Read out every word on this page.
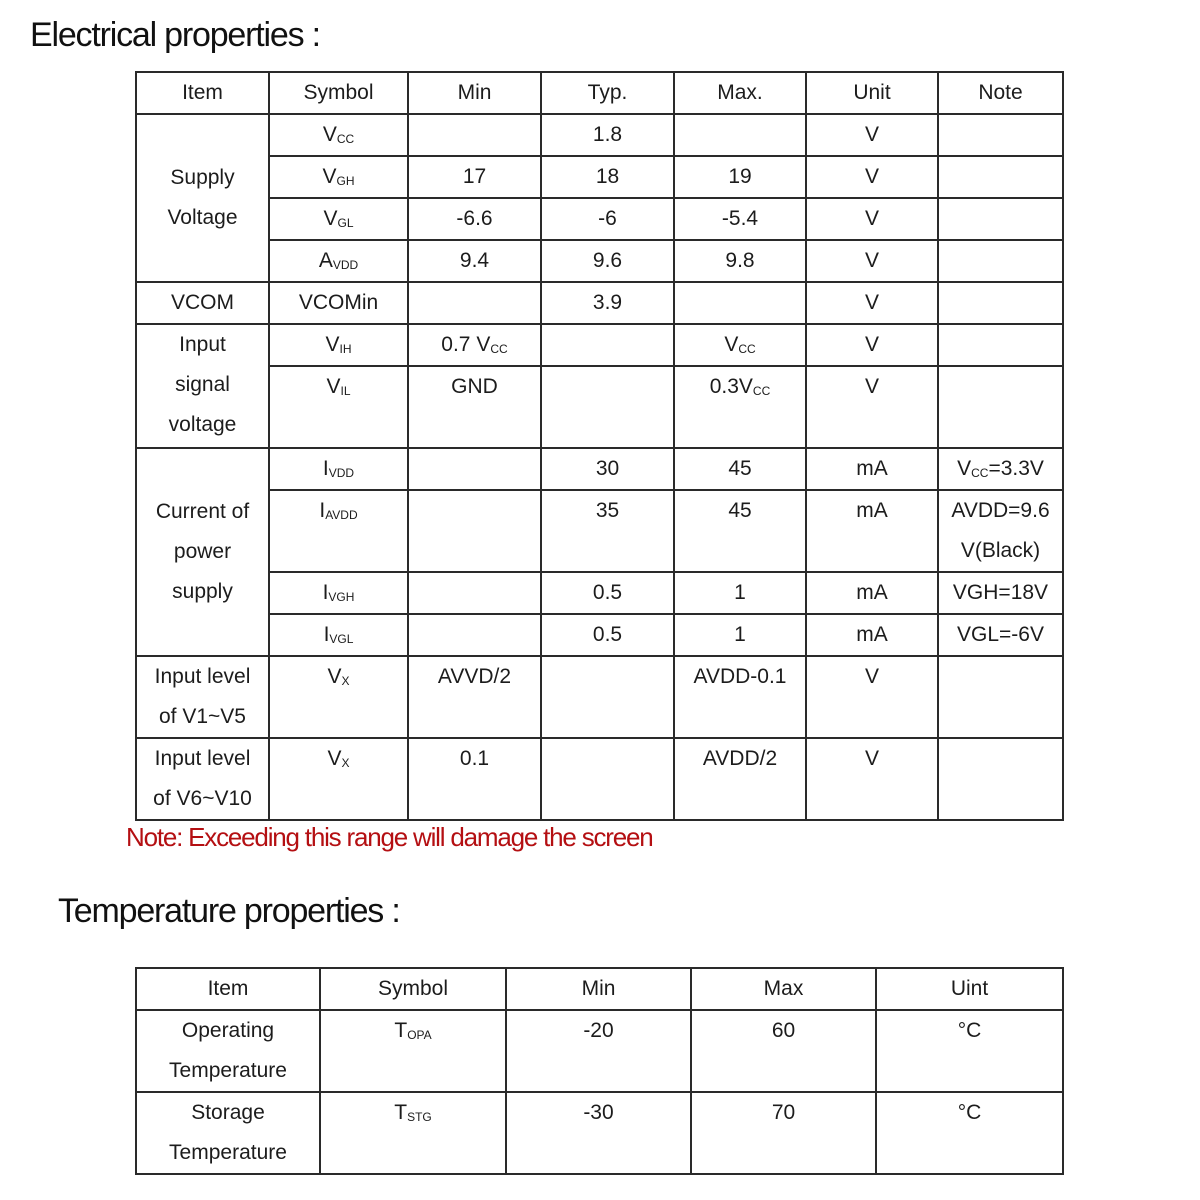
Electrical properties :
Item	Symbol	Min	Typ.	Max.	Unit	Note
Supply
Voltage	$V_{CC}$		1.8		V	
	$V_{GH}$	17	18	19	V	
	$V_{GL}$	-6.6	-6	-5.4	V	
	$A_{VDD}$	9.4	9.6	9.8	V	
VCOM	VCOMin		3.9		V	
Input
signal
voltage	$V_{IH}$	0.7 $V_{CC}$		$V_{CC}$	V	
	$V_{IL}$	GND		$0.3V_{CC}$	V	
Current of
power
supply	$I_{VDD}$		30	45	mA	$V_{CC}=3.3V$
	$I_{AVDD}$		35	45	mA	AVDD=9.6
V(Black)
	$I_{VGH}$		0.5	1	mA	VGH=18V
	$I_{VGL}$		0.5	1	mA	VGL=-6V
Input level
of V1~V5	$V_X$	AVVD/2		AVDD-0.1	V	
Input level
of V6~V10	$V_X$	0.1		AVDD/2	V	
Note: Exceeding this range will damage the screen
Temperature properties :
Item	Symbol	Min	Max	Uint
Operating
Temperature	$T_{OPA}$	-20	60	°C
Storage
Temperature	$T_{STG}$	-30	70	°C
